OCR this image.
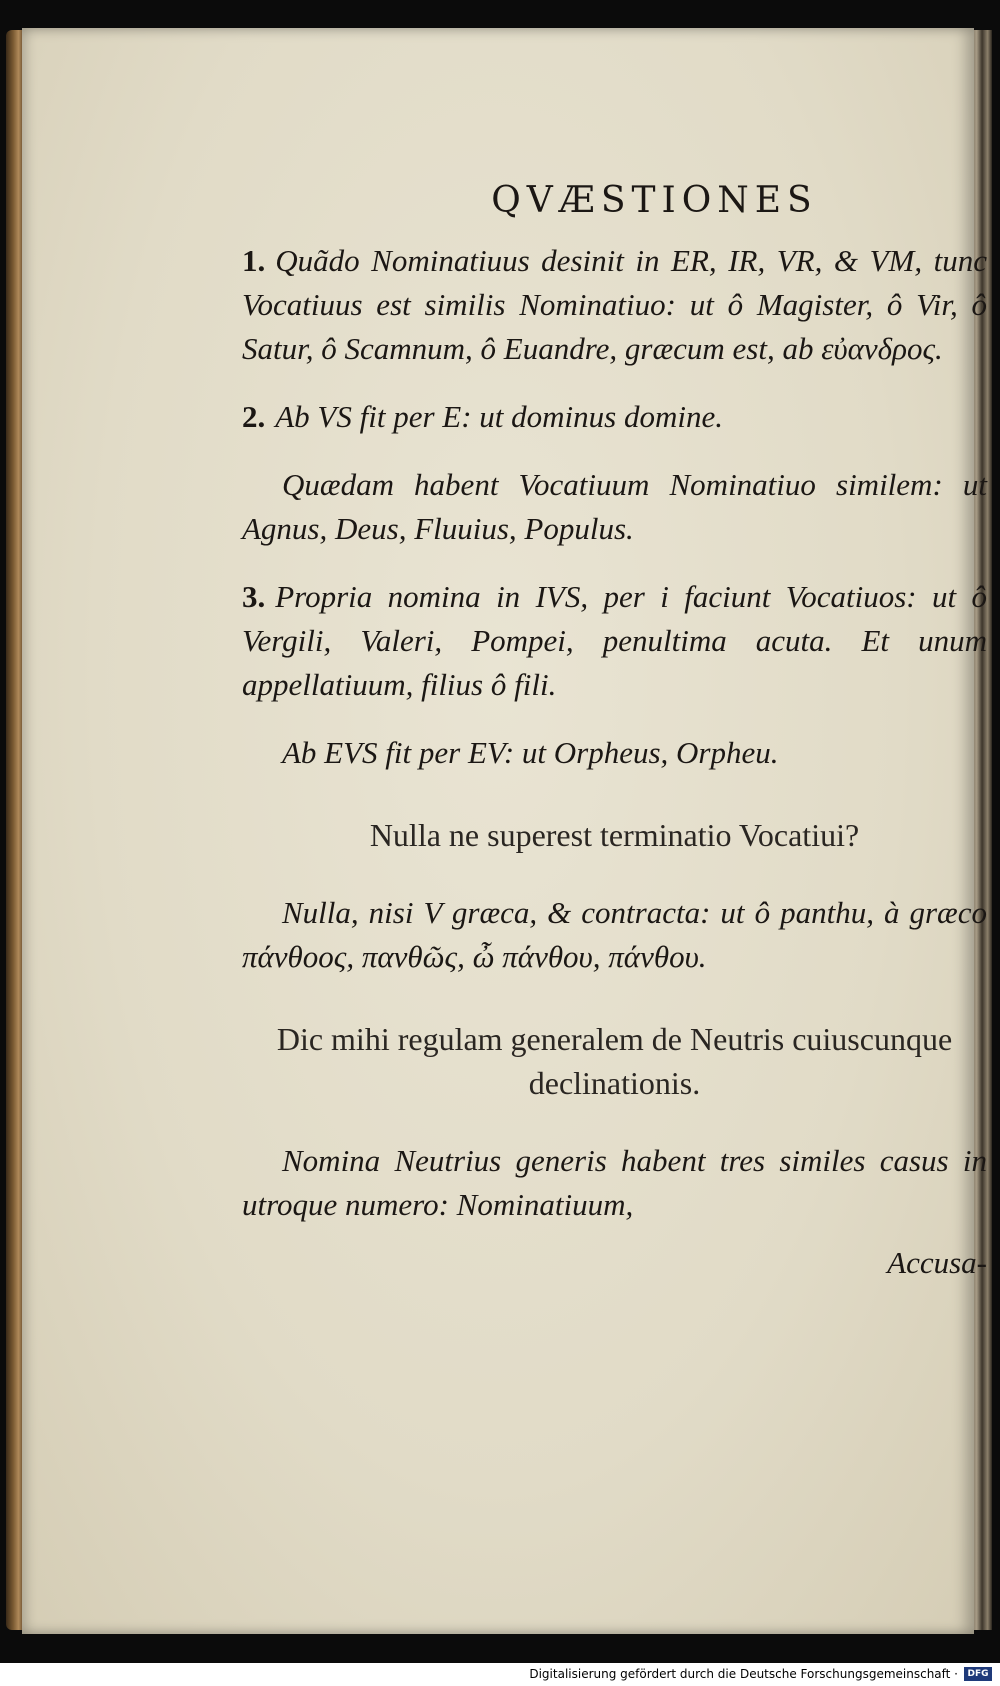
QVÆSTIONES

1. Quãdo Nominatiuus desinit in ER, IR, VR, & VM, tunc Vocatiuus est similis Nominatiuo: ut ô Magister, ô Vir, ô Satur, ô Scamnum, ô Euandre, græcum est, ab εὐανδρος.

2. Ab VS fit per E: ut dominus domine.

Quædam habent Vocatiuum Nominatiuo similem: ut Agnus, Deus, Fluuius, Populus.

3. Propria nomina in IVS, per i faciunt Vocatiuos: ut ô Vergili, Valeri, Pompei, penultima acuta. Et unum appellatiuum, filius ô fili.

Ab EVS fit per EV: ut Orpheus, Orpheu.

Nulla ne superest terminatio Vocatiui?

Nulla, nisi V græca, & contracta: ut ô panthu, à græco πάνθοος, πανθῶς, ὦ πάνθου, πάνθου.

Dic mihi regulam generalem de Neutris cuiuscunque declinationis.

Nomina Neutrius generis habent tres similes casus in utroque numero: Nominatiuum,

Accusa-
Digitalisierung gefördert durch die Deutsche Forschungsgemeinschaft ·	DFG
